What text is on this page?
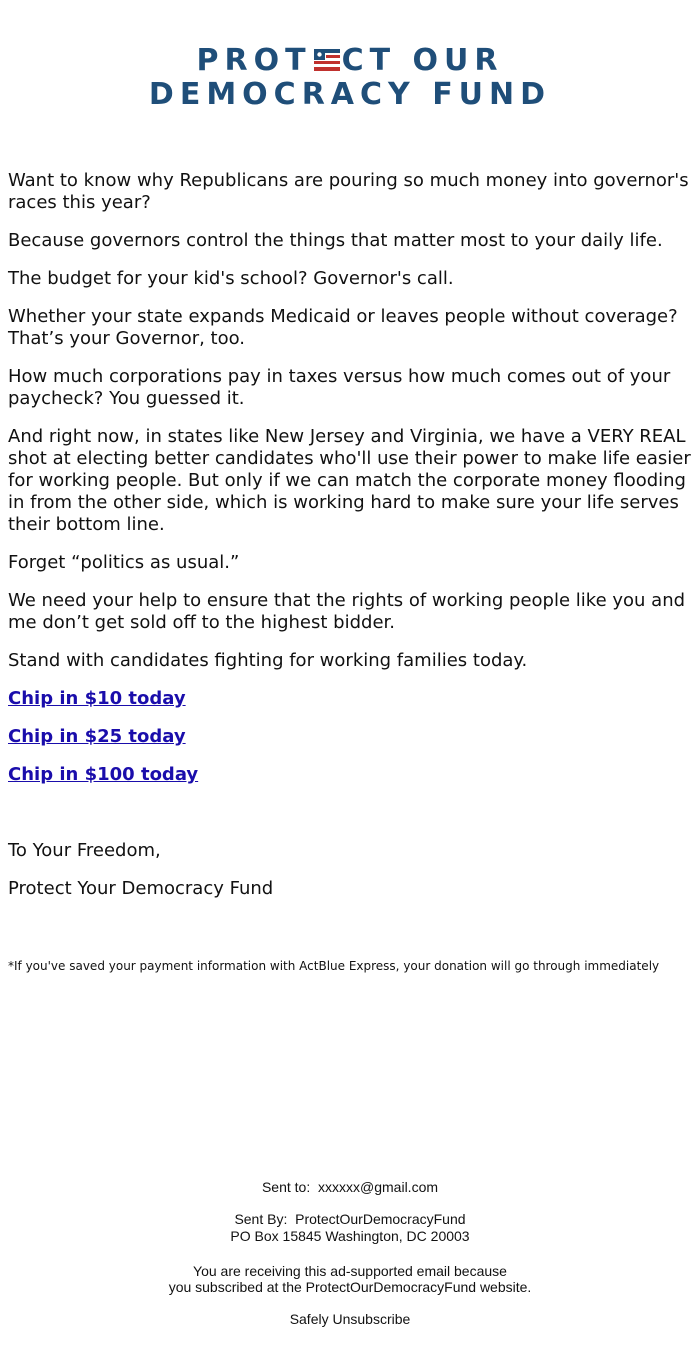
PROT CT OUR
DEMOCRACY FUND

Want to know why Republicans are pouring so much money into governor's races this year?

Because governors control the things that matter most to your daily life.

The budget for your kid's school? Governor's call.

Whether your state expands Medicaid or leaves people without coverage? That’s your Governor, too.

How much corporations pay in taxes versus how much comes out of your paycheck? You guessed it.

And right now, in states like New Jersey and Virginia, we have a VERY REAL shot at electing better candidates who'll use their power to make life easier for working people. But only if we can match the corporate money flooding in from the other side, which is working hard to make sure your life serves their bottom line.

Forget “politics as usual.”

We need your help to ensure that the rights of working people like you and me don’t get sold off to the highest bidder.

Stand with candidates fighting for working families today.

Chip in $10 today

Chip in $25 today

Chip in $100 today

To Your Freedom,

Protect Your Democracy Fund

*If you've saved your payment information with ActBlue Express, your donation will go through immediately
Sent to: xxxxxx@gmail.com
Sent By: ProtectOurDemocracyFund
PO Box 15845 Washington, DC 20003
You are receiving this ad-supported email because
you subscribed at the ProtectOurDemocracyFund website.
Safely Unsubscribe
